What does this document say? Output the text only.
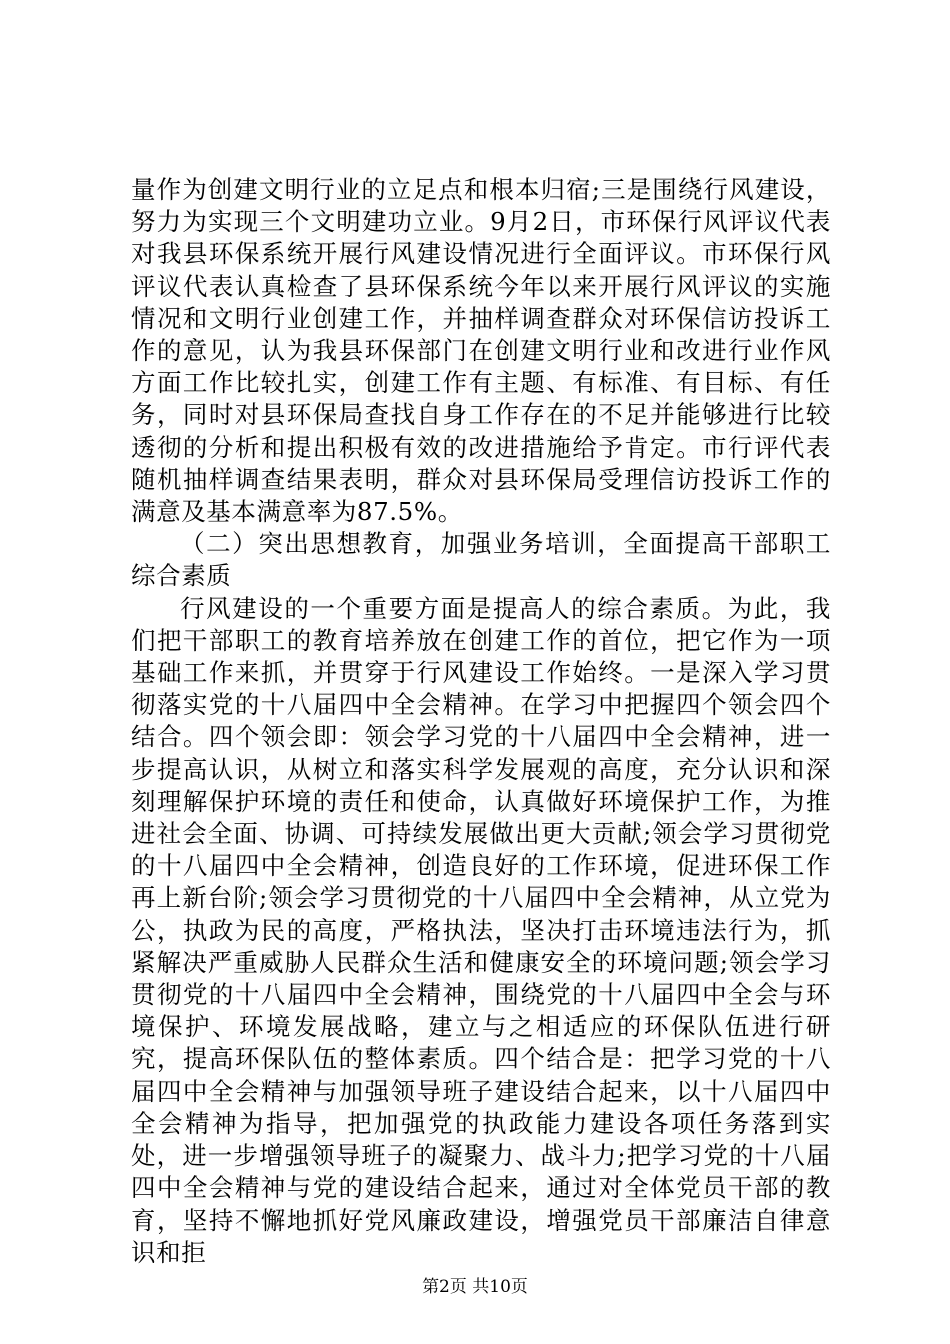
量作为创建文明行业的立足点和根本归宿;三是围绕行风建设，努力为实现三个文明建功立业。9月2日，市环保行风评议代表对我县环保系统开展行风建设情况进行全面评议。市环保行风评议代表认真检查了县环保系统今年以来开展行风评议的实施情况和文明行业创建工作，并抽样调查群众对环保信访投诉工作的意见，认为我县环保部门在创建文明行业和改进行业作风方面工作比较扎实，创建工作有主题、有标准、有目标、有任务，同时对县环保局查找自身工作存在的不足并能够进行比较透彻的分析和提出积极有效的改进措施给予肯定。市行评代表随机抽样调查结果表明，群众对县环保局受理信访投诉工作的满意及基本满意率为87.5%。

（二）突出思想教育，加强业务培训，全面提高干部职工综合素质

行风建设的一个重要方面是提高人的综合素质。为此，我们把干部职工的教育培养放在创建工作的首位，把它作为一项基础工作来抓，并贯穿于行风建设工作始终。一是深入学习贯彻落实党的十八届四中全会精神。在学习中把握四个领会四个结合。四个领会即：领会学习党的十八届四中全会精神，进一步提高认识，从树立和落实科学发展观的高度，充分认识和深刻理解保护环境的责任和使命，认真做好环境保护工作，为推进社会全面、协调、可持续发展做出更大贡献;领会学习贯彻党的十八届四中全会精神，创造良好的工作环境，促进环保工作再上新台阶;领会学习贯彻党的十八届四中全会精神，从立党为公，执政为民的高度，严格执法，坚决打击环境违法行为，抓紧解决严重威胁人民群众生活和健康安全的环境问题;领会学习贯彻党的十八届四中全会精神，围绕党的十八届四中全会与环境保护、环境发展战略，建立与之相适应的环保队伍进行研究，提高环保队伍的整体素质。四个结合是：把学习党的十八届四中全会精神与加强领导班子建设结合起来，以十八届四中全会精神为指导，把加强党的执政能力建设各项任务落到实处，进一步增强领导班子的凝聚力、战斗力;把学习党的十八届四中全会精神与党的建设结合起来，通过对全体党员干部的教育，坚持不懈地抓好党风廉政建设，增强党员干部廉洁自律意识和拒

第2页 共10页
